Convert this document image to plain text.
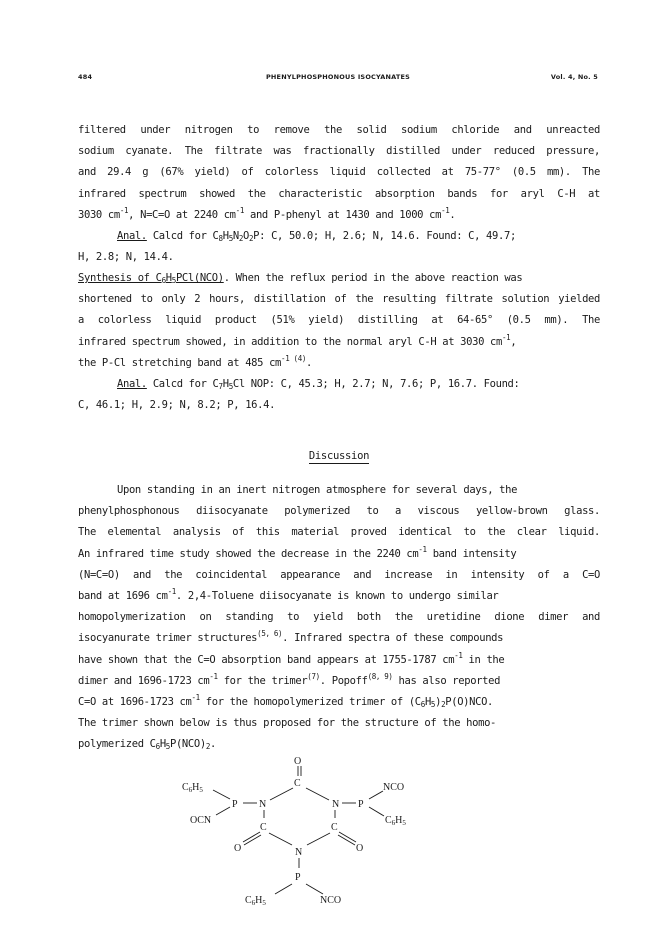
484	PHENYLPHOSPHONOUS ISOCYANATES	Vol. 4, No. 5
filtered under nitrogen to remove the solid sodium chloride and unreacted
sodium cyanate. The filtrate was fractionally distilled under reduced pressure,
and 29.4 g (67% yield) of colorless liquid collected at 75-77° (0.5 mm). The
infrared spectrum showed the characteristic absorption bands for aryl C-H at
3030 $cm^{-1}$, N=C=O at 2240 $cm^{-1}$ and P-phenyl at 1430 and 1000 $cm^{-1}$.
Anal. Calcd for $C_8H_5N_2O_2P$: C, 50.0; H, 2.6; N, 14.6. Found: C, 49.7;
H, 2.8; N, 14.4.
Synthesis of $C_6H_5PCl(NCO)$. When the reflux period in the above reaction was
shortened to only 2 hours, distillation of the resulting filtrate solution yielded
a colorless liquid product (51% yield) distilling at 64-65° (0.5 mm). The
infrared spectrum showed, in addition to the normal aryl C-H at 3030 $cm^{-1}$,
the P-Cl stretching band at 485 $cm^{-1 (4)}$.
Anal. Calcd for $C_7H_5Cl$ NOP: C, 45.3; H, 2.7; N, 7.6; P, 16.7. Found:
C, 46.1; H, 2.9; N, 8.2; P, 16.4.
Discussion
Upon standing in an inert nitrogen atmosphere for several days, the
phenylphosphonous diisocyanate polymerized to a viscous yellow-brown glass.
The elemental analysis of this material proved identical to the clear liquid.
An infrared time study showed the decrease in the 2240 $cm^{-1}$ band intensity
(N=C=O) and the coincidental appearance and increase in intensity of a C=O
band at 1696 $cm^{-1}$. 2,4-Toluene diisocyanate is known to undergo similar
homopolymerization on standing to yield both the uretidine dione dimer and
isocyanurate trimer structures$^{(5, 6)}$. Infrared spectra of these compounds
have shown that the C=O absorption band appears at 1755-1787 $cm^{-1}$ in the
dimer and 1696-1723 $cm^{-1}$ for the trimer$^{(7)}$. Popoff$^{(8, 9)}$ has also reported
C=O at 1696-1723 $cm^{-1}$ for the homopolymerized trimer of $(C_6H_5)_2P(O)NCO$.
The trimer shown below is thus proposed for the structure of the homo-
polymerized $C_6H_5P(NCO)_2$.
O
C
$C_6H_5$
P N
OCN
N P
NCO
$C_6H_5$
C	C
O	O
N
P
$C_6H_5$	NCO
